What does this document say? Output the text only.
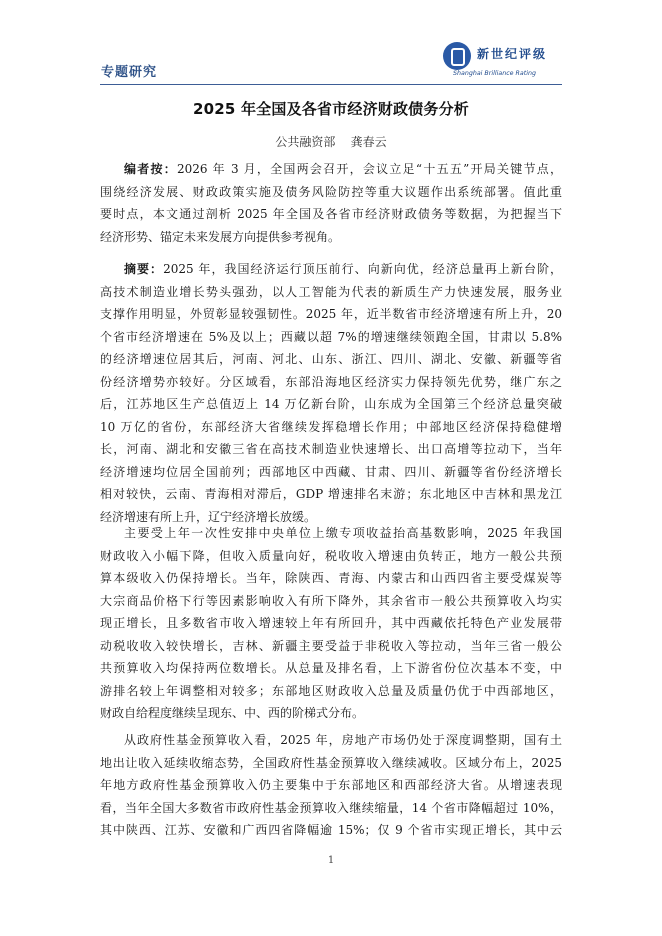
专题研究
新世纪评级
Shanghai Brilliance Rating
2025 年全国及各省市经济财政债务分析
公共融资部    龚春云
编者按：2026 年 3 月，全国两会召开，会议立足“十五五”开局关键节点，
围绕经济发展、财政政策实施及债务风险防控等重大议题作出系统部署。值此重
要时点，本文通过剖析 2025 年全国及各省市经济财政债务等数据，为把握当下
经济形势、锚定未来发展方向提供参考视角。
摘要：2025 年，我国经济运行顶压前行、向新向优，经济总量再上新台阶，
高技术制造业增长势头强劲，以人工智能为代表的新质生产力快速发展，服务业
支撑作用明显，外贸彰显较强韧性。2025 年，近半数省市经济增速有所上升，20
个省市经济增速在 5%及以上；西藏以超 7%的增速继续领跑全国，甘肃以 5.8%
的经济增速位居其后，河南、河北、山东、浙江、四川、湖北、安徽、新疆等省
份经济增势亦较好。分区域看，东部沿海地区经济实力保持领先优势，继广东之
后，江苏地区生产总值迈上 14 万亿新台阶，山东成为全国第三个经济总量突破
10 万亿的省份，东部经济大省继续发挥稳增长作用；中部地区经济保持稳健增
长，河南、湖北和安徽三省在高技术制造业快速增长、出口高增等拉动下，当年
经济增速均位居全国前列；西部地区中西藏、甘肃、四川、新疆等省份经济增长
相对较快，云南、青海相对滞后，GDP 增速排名末游；东北地区中吉林和黑龙江
经济增速有所上升，辽宁经济增长放缓。
主要受上年一次性安排中央单位上缴专项收益抬高基数影响，2025 年我国
财政收入小幅下降，但收入质量向好，税收收入增速由负转正，地方一般公共预
算本级收入仍保持增长。当年，除陕西、青海、内蒙古和山西四省主要受煤炭等
大宗商品价格下行等因素影响收入有所下降外，其余省市一般公共预算收入均实
现正增长，且多数省市收入增速较上年有所回升，其中西藏依托特色产业发展带
动税收收入较快增长，吉林、新疆主要受益于非税收入等拉动，当年三省一般公
共预算收入均保持两位数增长。从总量及排名看，上下游省份位次基本不变，中
游排名较上年调整相对较多；东部地区财政收入总量及质量仍优于中西部地区，
财政自给程度继续呈现东、中、西的阶梯式分布。
从政府性基金预算收入看，2025 年，房地产市场仍处于深度调整期，国有土
地出让收入延续收缩态势，全国政府性基金预算收入继续减收。区域分布上，2025
年地方政府性基金预算收入仍主要集中于东部地区和西部经济大省。从增速表现
看，当年全国大多数省市政府性基金预算收入继续缩量，14 个省市降幅超过 10%，
其中陕西、江苏、安徽和广西四省降幅逾 15%；仅 9 个省市实现正增长，其中云
1
